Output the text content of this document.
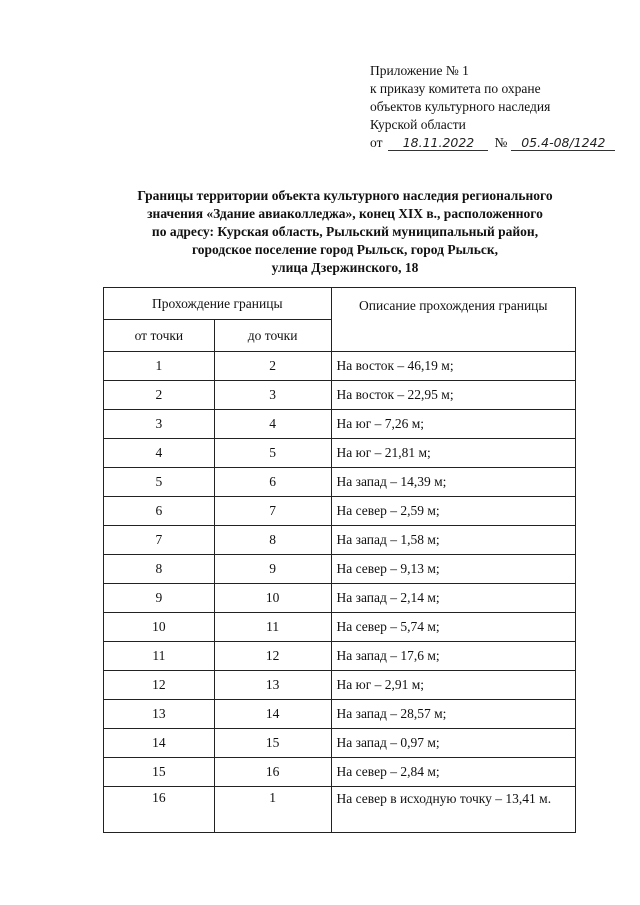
Приложение № 1
к приказу комитета по охране
объектов культурного наследия
Курской области
от	18.11.2022	№	05.4-08/1242
Границы территории объекта культурного наследия регионального
значения «Здание авиаколледжа», конец XIX в., расположенного
по адресу: Курская область, Рыльский муниципальный район,
городское поселение город Рыльск, город Рыльск,
улица Дзержинского, 18
Прохождение границы		Описание прохождения границы
от точки	до точки	
1	2	На восток – 46,19 м;
2	3	На восток – 22,95 м;
3	4	На юг – 7,26 м;
4	5	На юг – 21,81 м;
5	6	На запад – 14,39 м;
6	7	На север – 2,59 м;
7	8	На запад – 1,58 м;
8	9	На север – 9,13 м;
9	10	На запад – 2,14 м;
10	11	На север – 5,74 м;
11	12	На запад – 17,6 м;
12	13	На юг – 2,91 м;
13	14	На запад – 28,57 м;
14	15	На запад – 0,97 м;
15	16	На север – 2,84 м;
16	1	На север в исходную точку – 13,41 м.
